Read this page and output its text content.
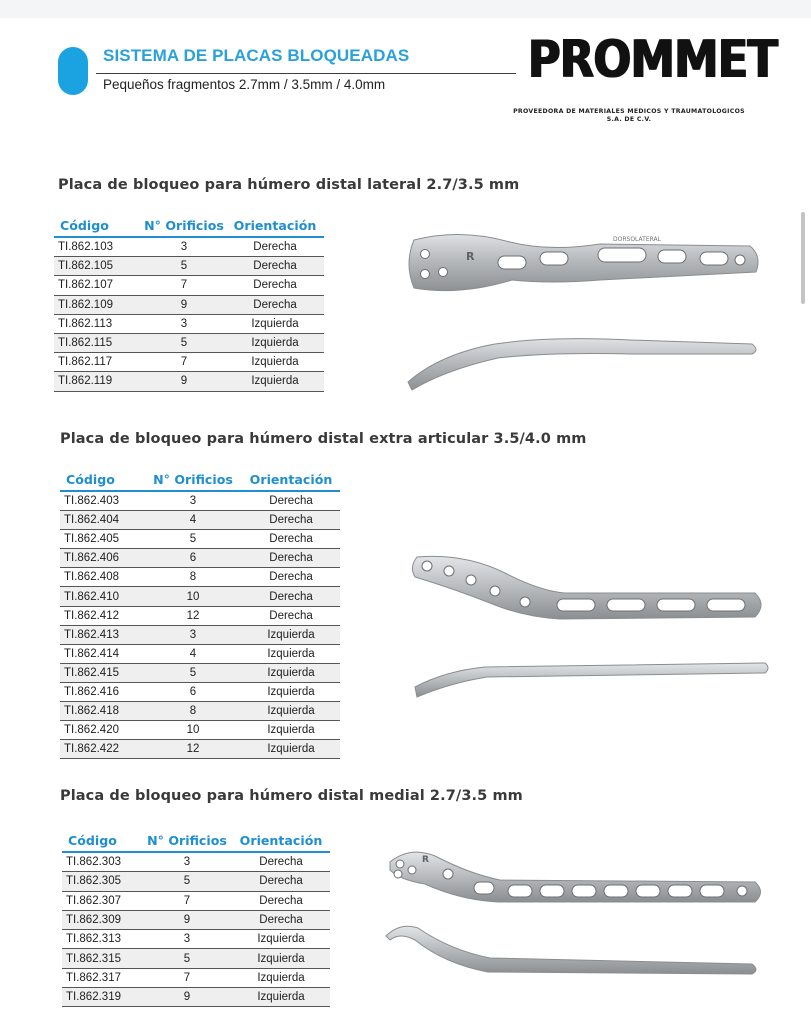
SISTEMA DE PLACAS BLOQUEADAS
Pequeños fragmentos 2.7mm / 3.5mm / 4.0mm	PROMMET
PROVEEDORA DE MATERIALES MEDICOS Y TRAUMATOLOGICOS
S.A. DE C.V.
Placa de bloqueo para húmero distal lateral 2.7/3.5 mm
Código	N° Orificios	Orientación
TI.862.103	3	Derecha
TI.862.105	5	Derecha
TI.862.107	7	Derecha
TI.862.109	9	Derecha
TI.862.113	3	Izquierda
TI.862.115	5	Izquierda
TI.862.117	7	Izquierda
TI.862.119	9	Izquierda
DORSOLATERAL
R
Placa de bloqueo para húmero distal extra articular 3.5/4.0 mm
Código	N° Orificios	Orientación
TI.862.403	3	Derecha
TI.862.404	4	Derecha
TI.862.405	5	Derecha
TI.862.406	6	Derecha
TI.862.408	8	Derecha
TI.862.410	10	Derecha
TI.862.412	12	Derecha
TI.862.413	3	Izquierda
TI.862.414	4	Izquierda
TI.862.415	5	Izquierda
TI.862.416	6	Izquierda
TI.862.418	8	Izquierda
TI.862.420	10	Izquierda
TI.862.422	12	Izquierda
Placa de bloqueo para húmero distal medial 2.7/3.5 mm
Código	N° Orificios	Orientación
TI.862.303	3	Derecha
TI.862.305	5	Derecha
TI.862.307	7	Derecha
TI.862.309	9	Derecha
TI.862.313	3	Izquierda
TI.862.315	5	Izquierda
TI.862.317	7	Izquierda
TI.862.319	9	Izquierda
R
